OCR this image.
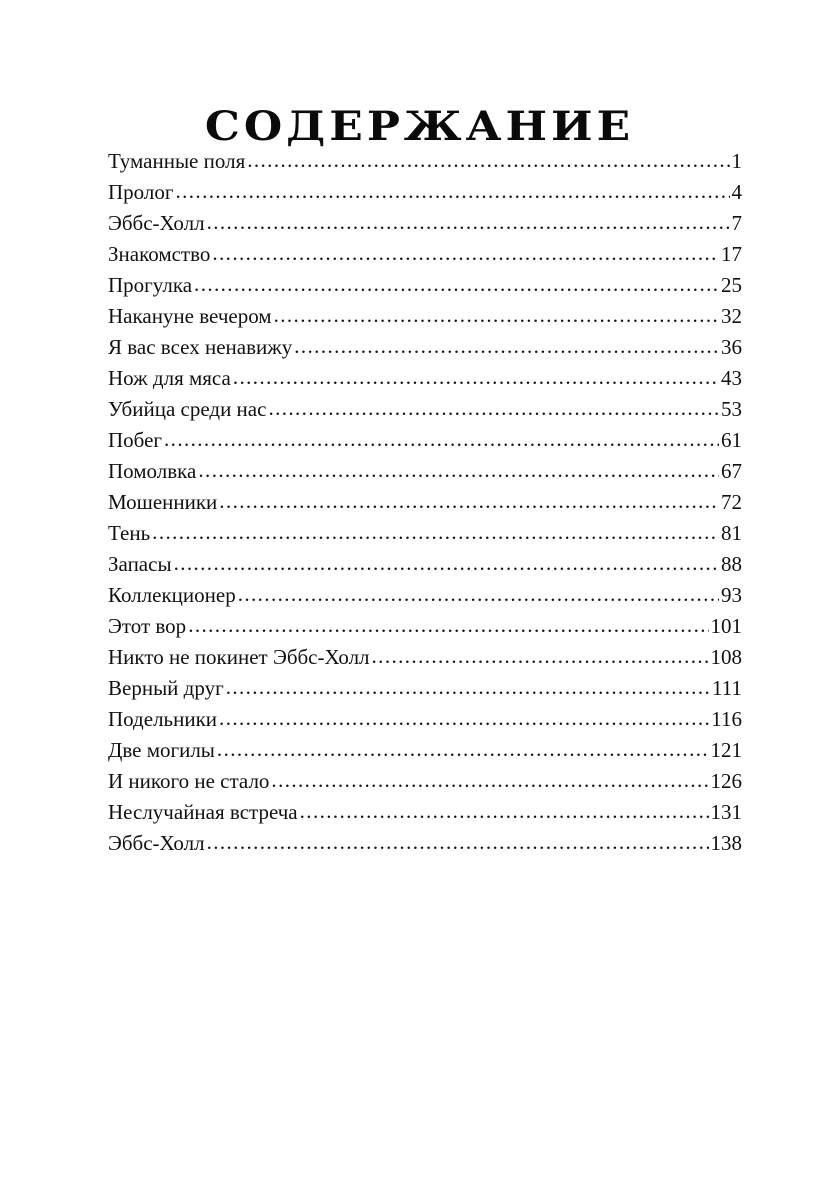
СОДЕРЖАНИЕ
Туманные поля .....	1
Пролог .....	4
Эббс-Холл .....	7
Знакомство .....	17
Прогулка .....	25
Накануне вечером .....	32
Я вас всех ненавижу .....	36
Нож для мяса .....	43
Убийца среди нас .....	53
Побег .....	61
Помолвка .....	67
Мошенники .....	72
Тень .....	81
Запасы .....	88
Коллекционер .....	93
Этот вор .....	101
Никто не покинет Эббс-Холл .....	108
Верный друг .....	111
Подельники .....	116
Две могилы .....	121
И никого не стало .....	126
Неслучайная встреча .....	131
Эббс-Холл .....	138
